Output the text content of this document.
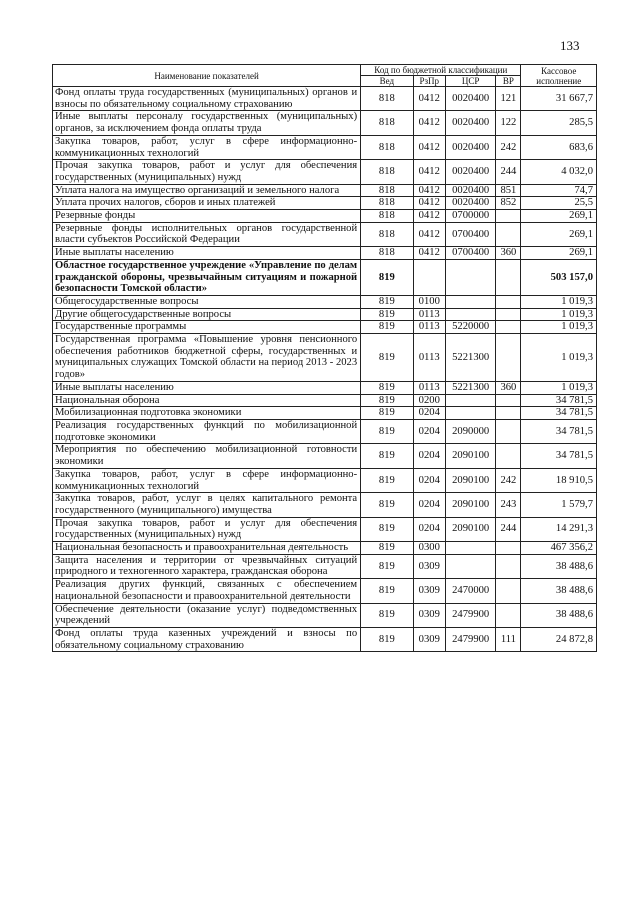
133
Наименование показателей	Код по бюджетной классификации				Кассовое исполнение
	Вед	РзПр	ЦСР	ВР	
Фонд оплаты труда государственных (муниципальных) органов и взносы по обязательному социальному страхованию	818	0412	0020400	121	31 667,7
Иные выплаты персоналу государственных (муниципальных) органов, за исключением фонда оплаты труда	818	0412	0020400	122	285,5
Закупка товаров, работ, услуг в сфере информационно-коммуникационных технологий	818	0412	0020400	242	683,6
Прочая закупка товаров, работ и услуг для обеспечения государственных (муниципальных) нужд	818	0412	0020400	244	4 032,0
Уплата налога на имущество организаций и земельного налога	818	0412	0020400	851	74,7
Уплата прочих налогов, сборов и иных платежей	818	0412	0020400	852	25,5
Резервные фонды	818	0412	0700000		269,1
Резервные фонды исполнительных органов государственной власти субъектов Российской Федерации	818	0412	0700400		269,1
Иные выплаты населению	818	0412	0700400	360	269,1
Областное государственное учреждение «Управление по делам гражданской обороны, чрезвычайным ситуациям и пожарной безопасности Томской области»	819				503 157,0
Общегосударственные вопросы	819	0100			1 019,3
Другие общегосударственные вопросы	819	0113			1 019,3
Государственные программы	819	0113	5220000		1 019,3
Государственная программа «Повышение уровня пенсионного обеспечения работников бюджетной сферы, государственных и муниципальных служащих Томской области на период 2013 - 2023 годов»	819	0113	5221300		1 019,3
Иные выплаты населению	819	0113	5221300	360	1 019,3
Национальная оборона	819	0200			34 781,5
Мобилизационная подготовка экономики	819	0204			34 781,5
Реализация государственных функций по мобилизационной подготовке экономики	819	0204	2090000		34 781,5
Мероприятия по обеспечению мобилизационной готовности экономики	819	0204	2090100		34 781,5
Закупка товаров, работ, услуг в сфере информационно-коммуникационных технологий	819	0204	2090100	242	18 910,5
Закупка товаров, работ, услуг в целях капитального ремонта государственного (муниципального) имущества	819	0204	2090100	243	1 579,7
Прочая закупка товаров, работ и услуг для обеспечения государственных (муниципальных) нужд	819	0204	2090100	244	14 291,3
Национальная безопасность и правоохранительная деятельность	819	0300			467 356,2
Защита населения и территории от чрезвычайных ситуаций природного и техногенного характера, гражданская оборона	819	0309			38 488,6
Реализация других функций, связанных с обеспечением национальной безопасности и правоохранительной деятельности	819	0309	2470000		38 488,6
Обеспечение деятельности (оказание услуг) подведомственных учреждений	819	0309	2479900		38 488,6
Фонд оплаты труда казенных учреждений и взносы по обязательному социальному страхованию	819	0309	2479900	111	24 872,8
